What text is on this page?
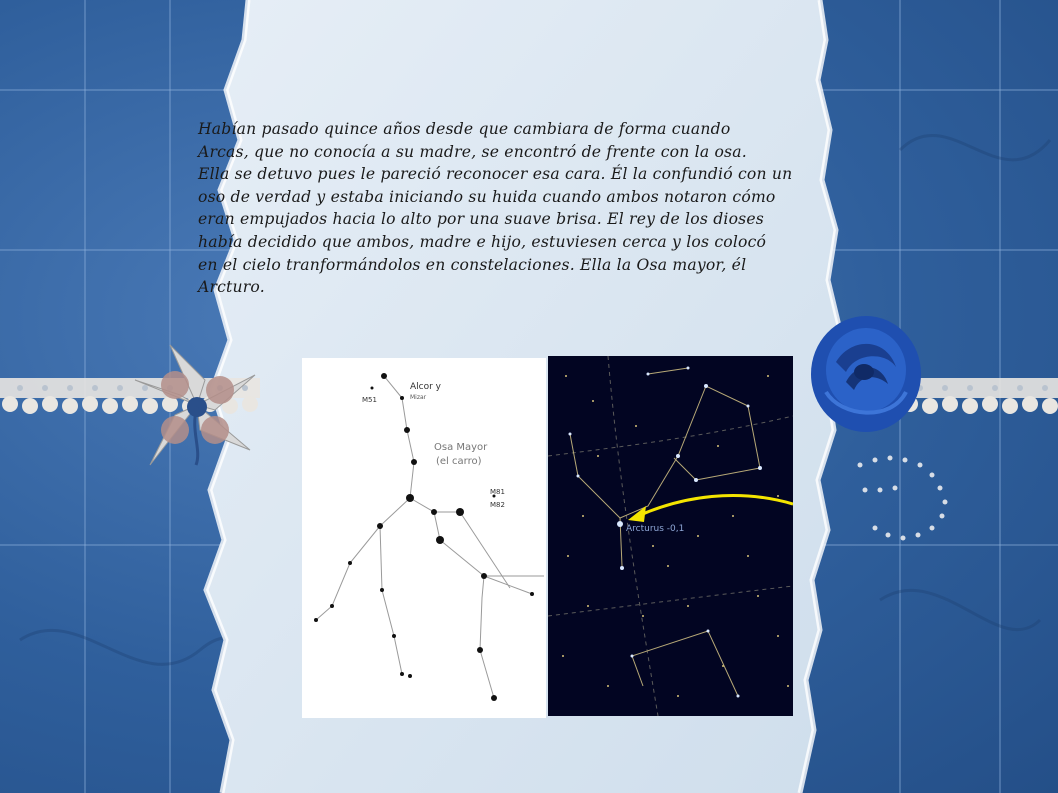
Habían pasado quince años desde que cambiara de forma cuando
Arcas, que no conocía a su madre, se encontró de frente con la osa.
Ella se detuvo pues le pareció reconocer esa cara. Él la confundió con un
oso de verdad y estaba iniciando su huida cuando ambos notaron cómo
eran empujados hacia lo alto por una suave brisa. El rey de los dioses
había decidido que ambos, madre e hijo, estuviesen cerca y los colocó
en el cielo tranformándolos en constelaciones. Ella la Osa mayor, él
Arcturo.
Alcor y
Mizar
M51
Osa Mayor
(el carro)
M81
M82
Arcturus -0,1
